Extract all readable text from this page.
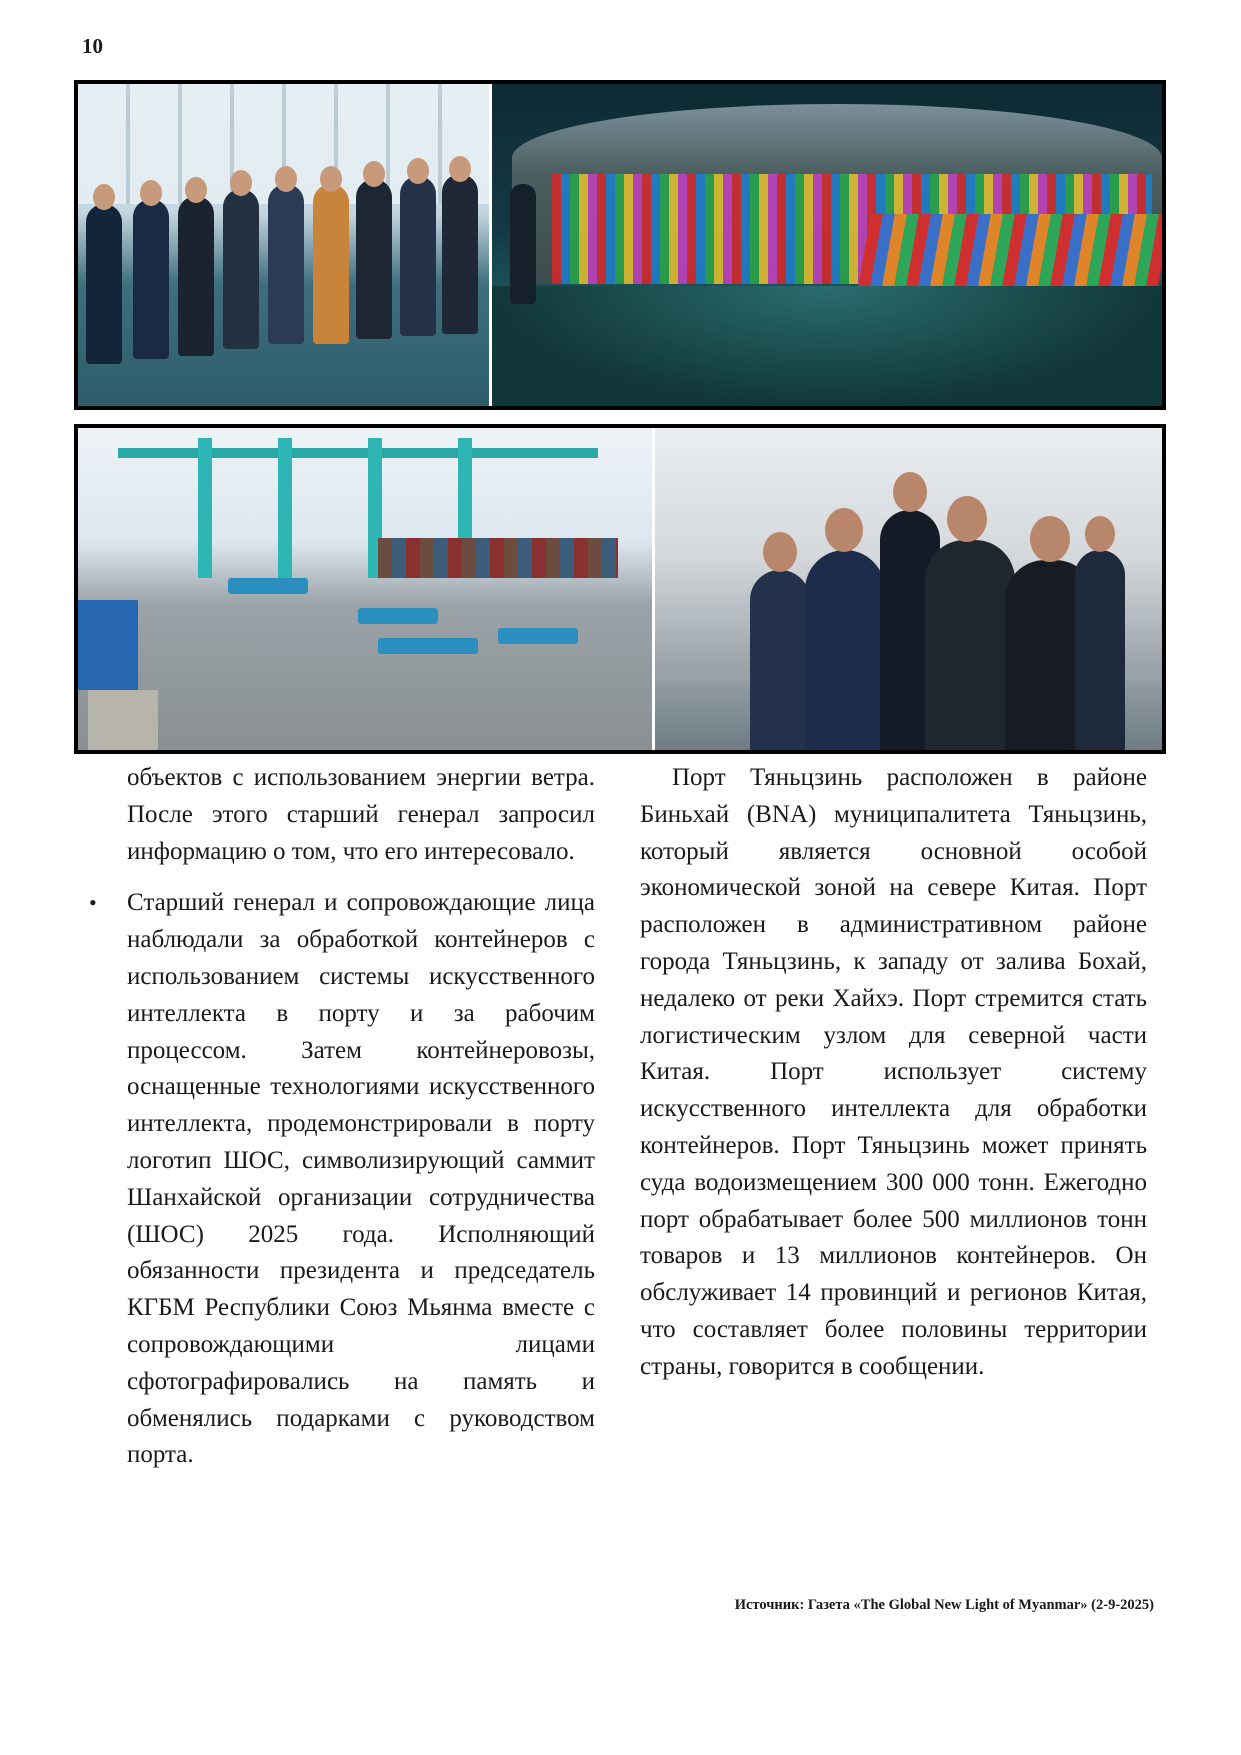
10

объектов с использованием энергии ветра. После этого старший генерал запросил информацию о том, что его интересовало.

• Старший генерал и сопровождающие лица наблюдали за обработкой контейнеров с использованием системы искусственного интеллекта в порту и за рабочим процессом. Затем контейнеровозы, оснащенные технологиями искусственного интеллекта, продемонстрировали в порту логотип ШОС, символизирующий саммит Шанхайской организации сотрудничества (ШОС) 2025 года. Исполняющий обязанности президента и председатель КГБМ Республики Союз Мьянма вместе с сопровождающими лицами сфотографировались на память и обменялись подарками с руководством порта.

Порт Тяньцзинь расположен в районе Биньхай (BNA) муниципалитета Тяньцзинь, который является основной особой экономической зоной на севере Китая. Порт расположен в административном районе города Тяньцзинь, к западу от залива Бохай, недалеко от реки Хайхэ. Порт стремится стать логистическим узлом для северной части Китая. Порт использует систему искусственного интеллекта для обработки контейнеров. Порт Тяньцзинь может принять суда водоизмещением 300 000 тонн. Ежегодно порт обрабатывает более 500 миллионов тонн товаров и 13 миллионов контейнеров. Он обслуживает 14 провинций и регионов Китая, что составляет более половины территории страны, говорится в сообщении.

Источник: Газета «The Global New Light of Myanmar» (2-9-2025)
